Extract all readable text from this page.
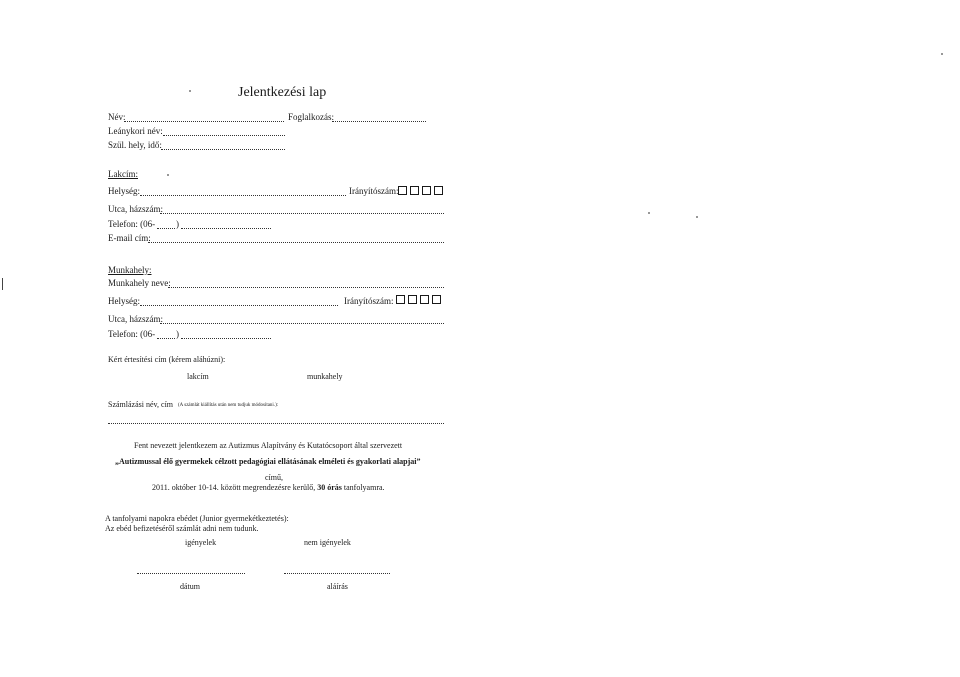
Jelentkezési lap
Név:	Foglalkozás:
Leánykori név:
Szül. hely, idő:
Lakcím:
Helység:	Irányítószám:
Utca, házszám:
Telefon: (06- )
E-mail cím:
Munkahely:
Munkahely neve:
Helység:	Irányítószám:
Utca, házszám:
Telefon: (06- )
Kért értesítési cím (kérem aláhúzni):
lakcím	munkahely
Számlázási név, cím (A számlát kiállítás után nem tudjuk módosítani.):
Fent nevezett jelentkezem az Autizmus Alapítvány és Kutatócsoport által szervezett
„Autizmussal élő gyermekek célzott pedagógiai ellátásának elméleti és gyakorlati alapjai”
című,
2011. október 10-14. között megrendezésre kerülő, 30 órás tanfolyamra.
A tanfolyami napokra ebédet (Junior gyermekétkeztetés):
Az ebéd befizetéséről számlát adni nem tudunk.
igényelek	nem igényelek
dátum	aláírás
